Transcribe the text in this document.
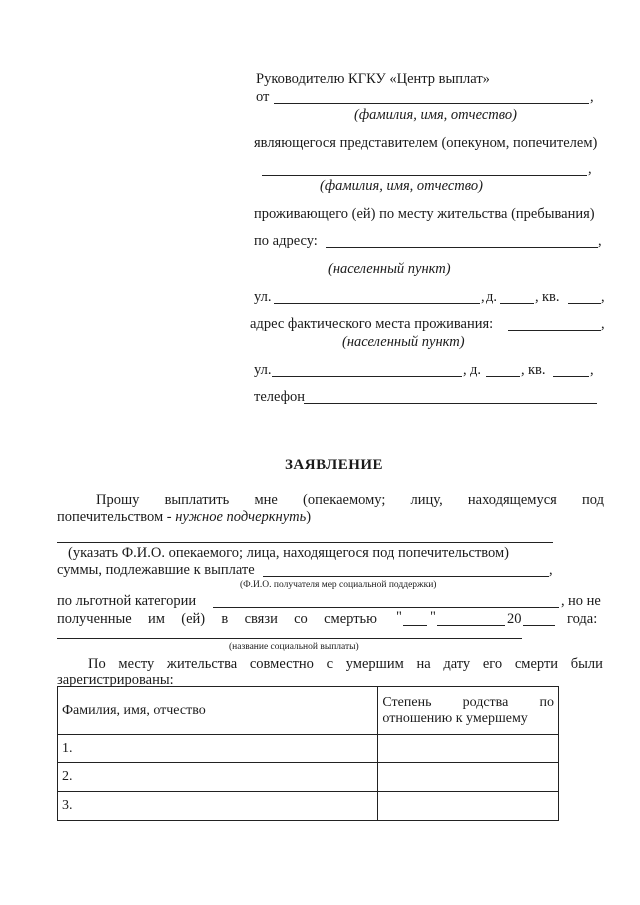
Руководителю КГКУ «Центр выплат»
от	,
(фамилия, имя, отчество)
являющегося представителем (опекуном, попечителем)
,
(фамилия, имя, отчество)
проживающего (ей) по месту жительства (пребывания)
по адресу:	,
(населенный пункт)
ул.	, д.	, кв.	,
адрес фактического места проживания:	,
(населенный пункт)
ул.	, д.	, кв.	,
телефон
ЗАЯВЛЕНИЕ
Прошу выплатить мне (опекаемому; лицу, находящемуся под
попечительством - нужное подчеркнуть)
(указать Ф.И.О. опекаемого; лица, находящегося под попечительством)
суммы, подлежавшие к выплате	,
(Ф.И.О. получателя мер социальной поддержки)
по льготной категории	, но не
полученные им (ей) в связи со смертью " "	20	года:
(название социальной выплаты)
По месту жительства совместно с умершим на дату его смерти были
зарегистрированы:
Фамилия, имя, отчество	Степень родства по
отношению к умершему

1.	
2.	
3.	
